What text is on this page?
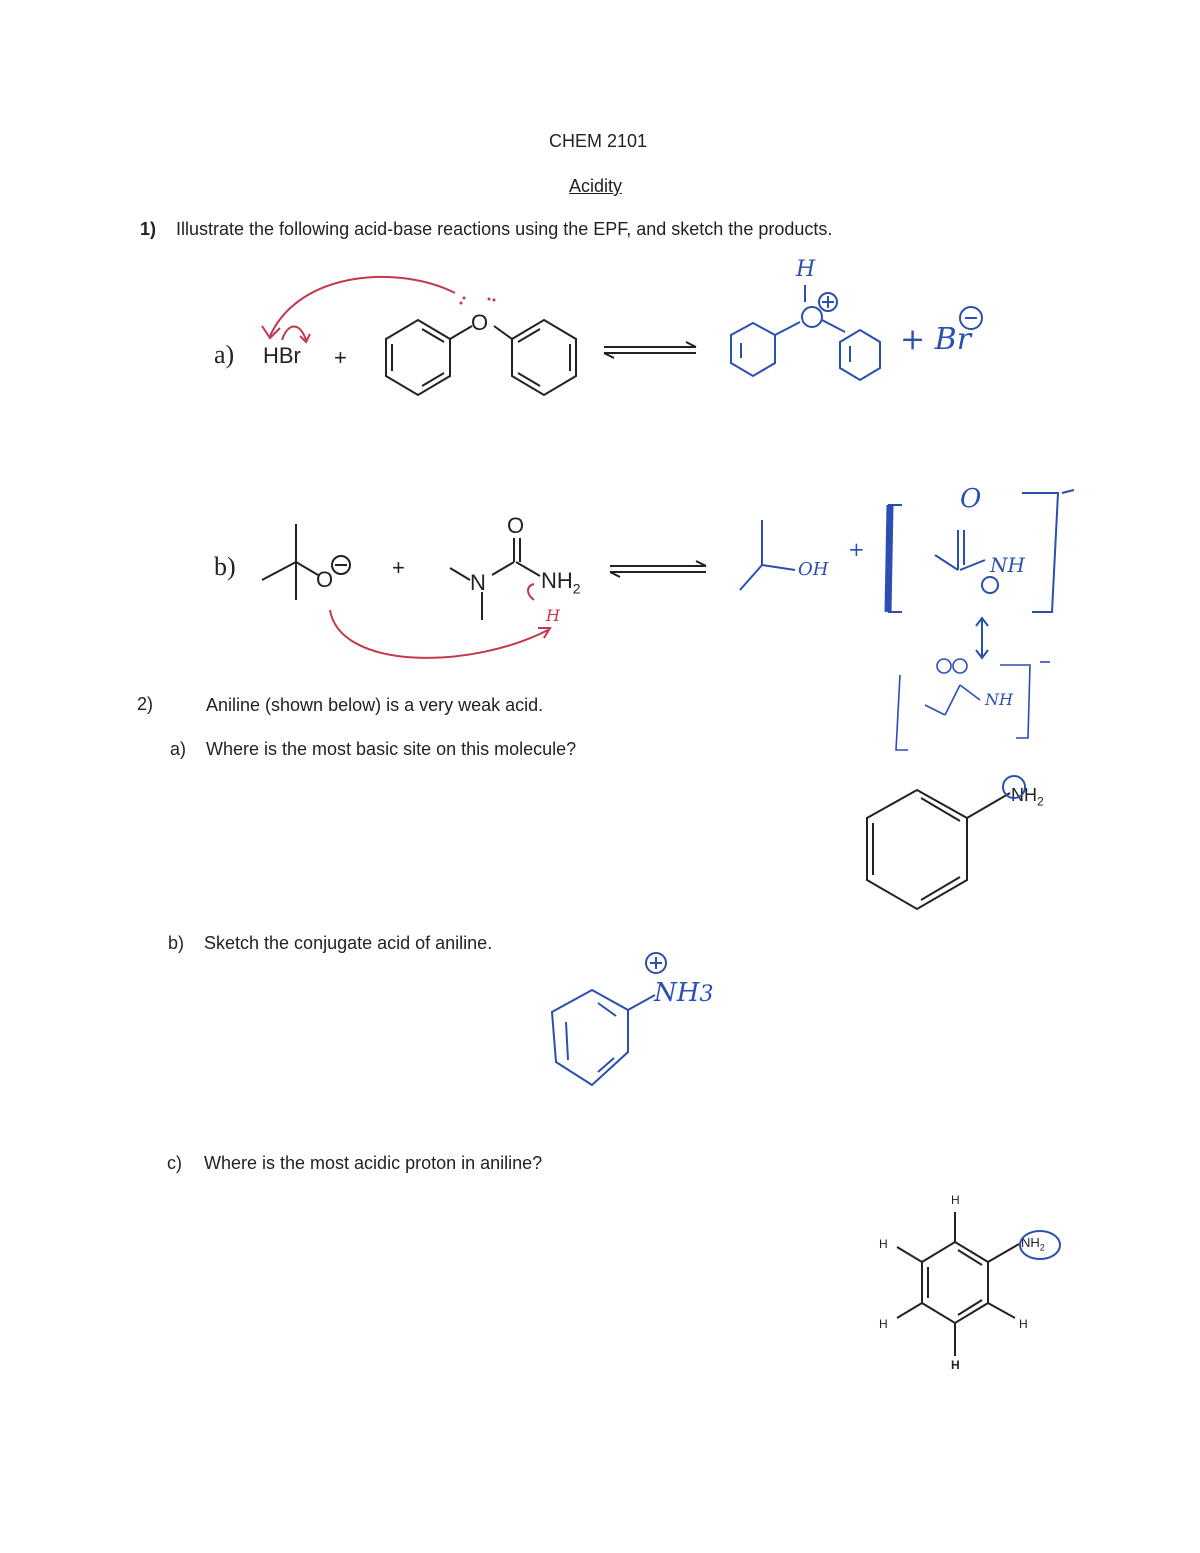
CHEM 2101
Acidity
1) Illustrate the following acid-base reactions using the EPF, and sketch the products.
a) HBr +
O
H
+ Br
b)	O	+
O
N	$NH_2$
H
OH
+
O
NH
NH
2)	Aniline (shown below) is a very weak acid.
a) Where is the most basic site on this molecule?
$NH_2$
b) Sketch the conjugate acid of aniline.
NH3
c) Where is the most acidic proton in aniline?
H
H
H
H
H
$NH_2$
